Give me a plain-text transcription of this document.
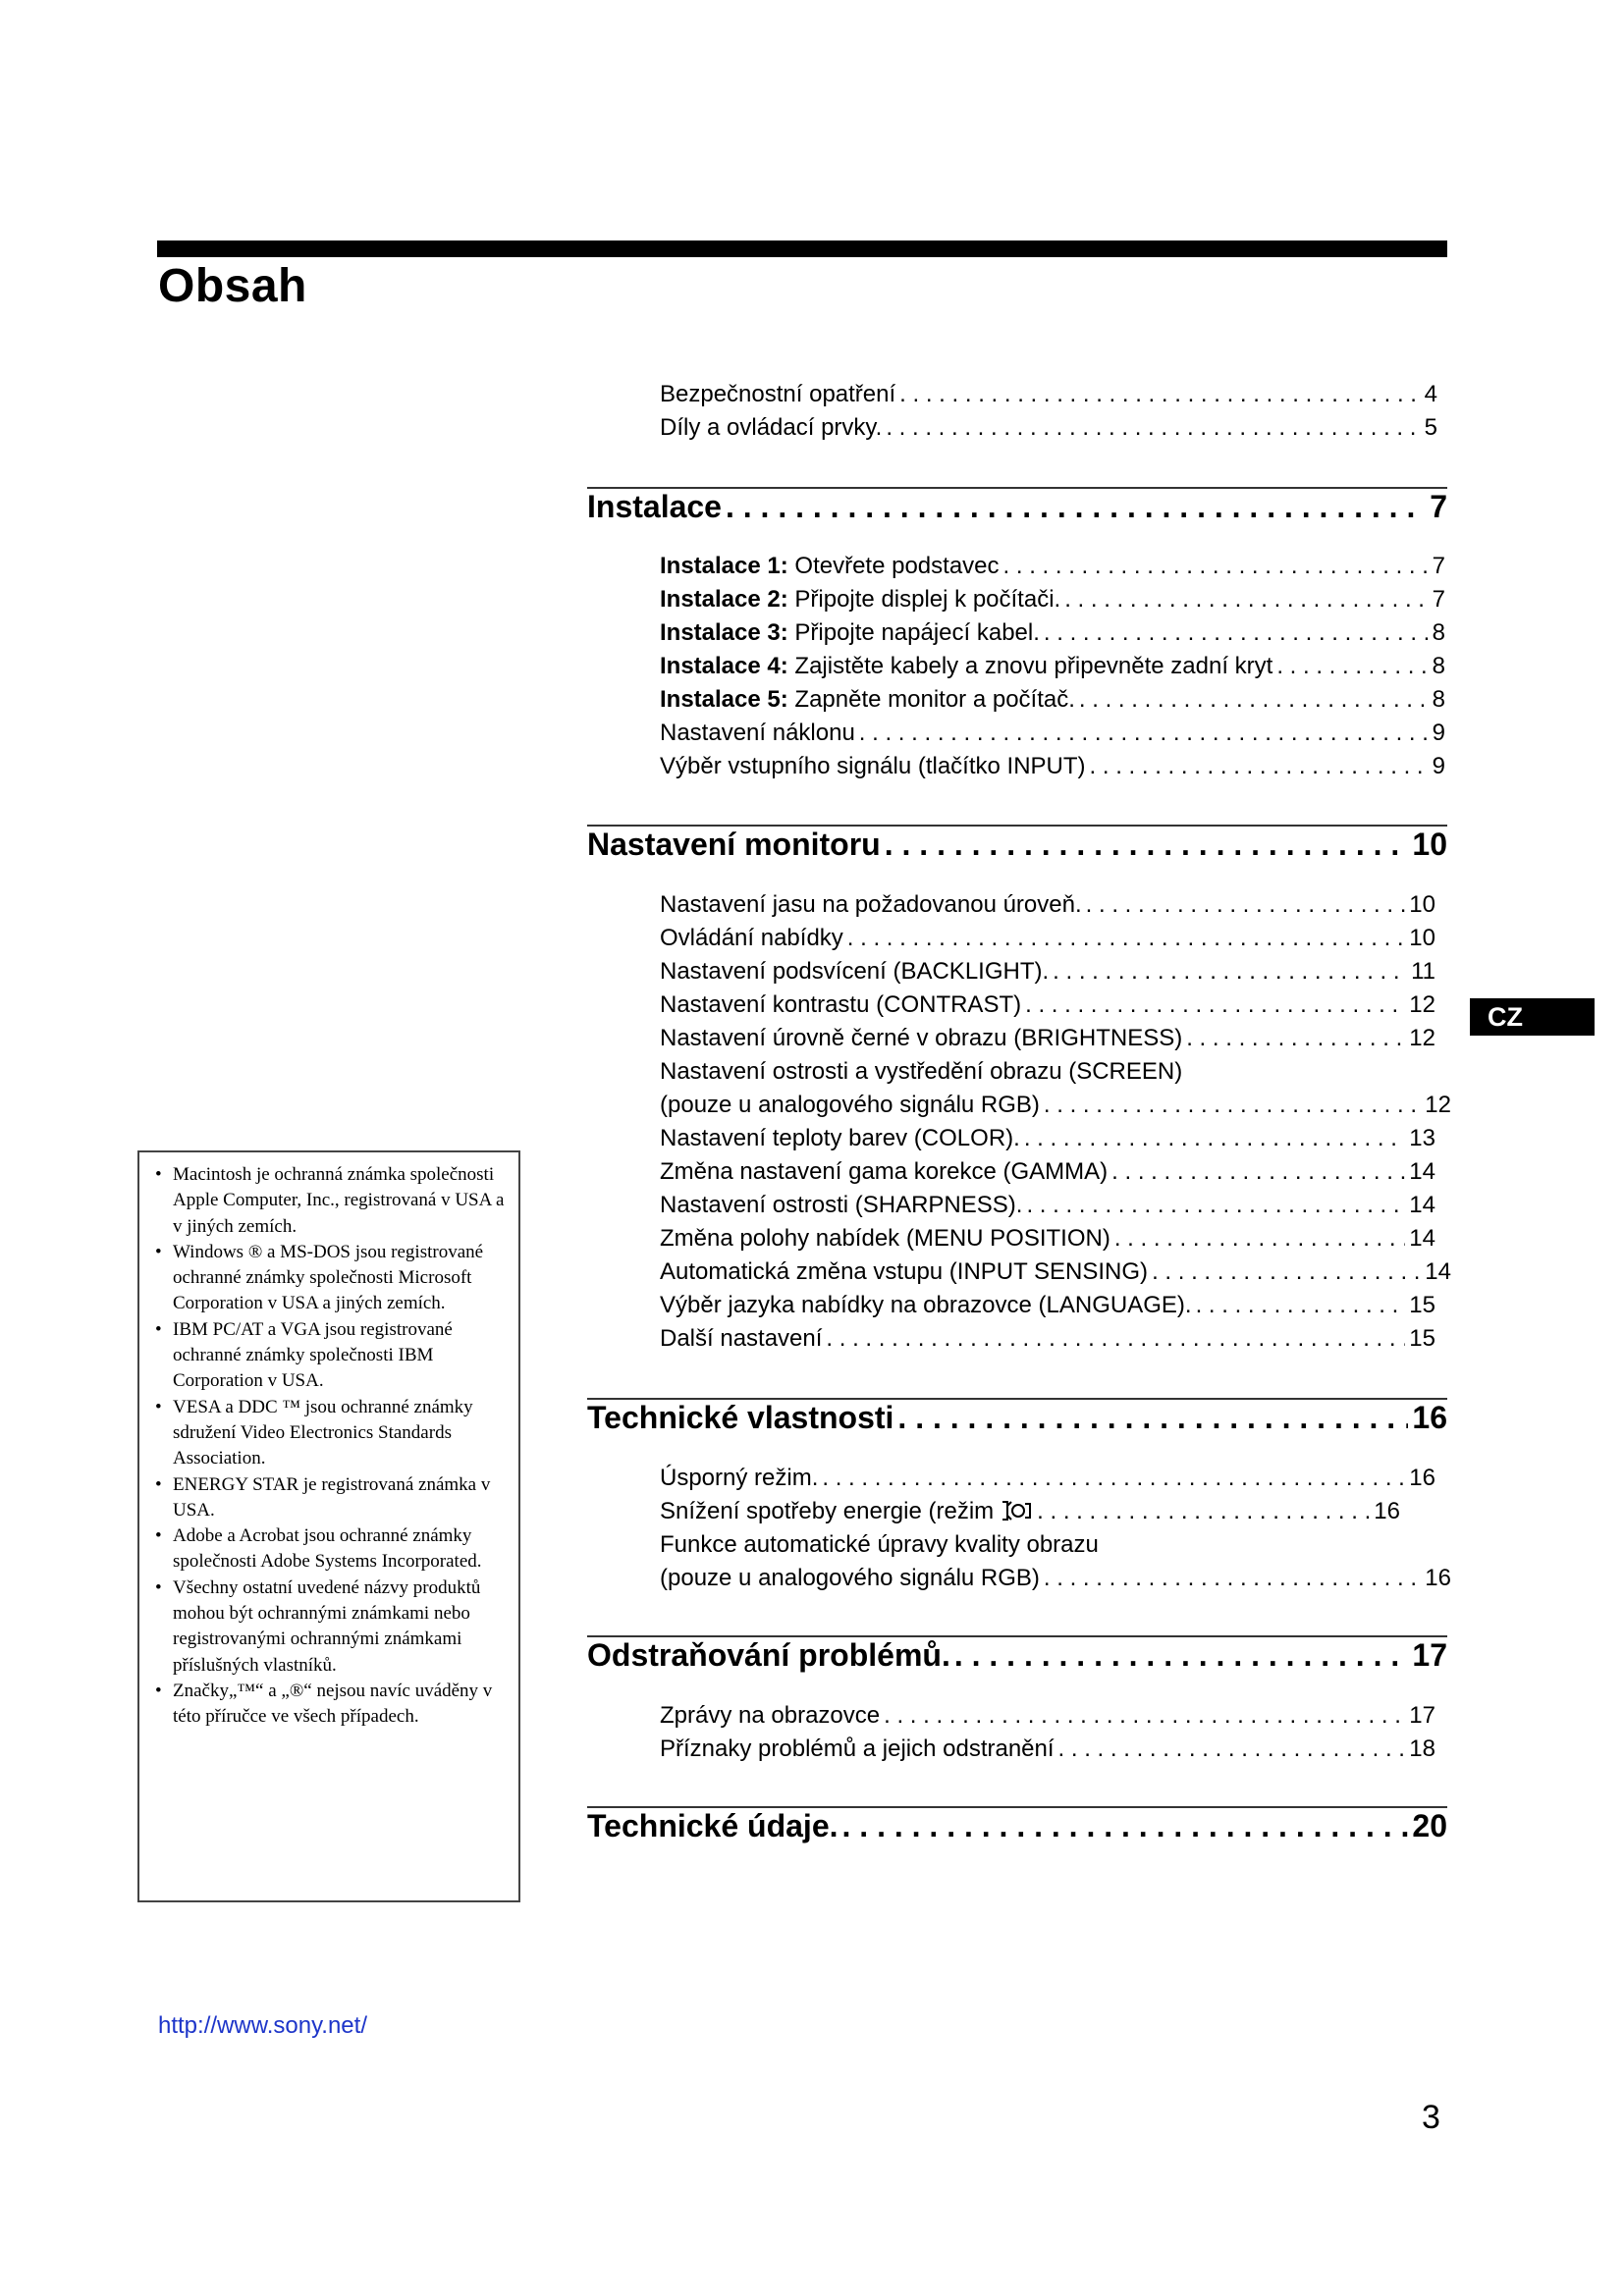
Obsah
Bezpečnostní opatření . . .	4
Díly a ovládací prvky. . . .	5
Instalace . . .	7
Instalace 1: Otevřete podstavec . . .	7
Instalace 2: Připojte displej k počítači. . . .	7
Instalace 3: Připojte napájecí kabel. . . .	8
Instalace 4: Zajistěte kabely a znovu připevněte zadní kryt . . .	8
Instalace 5: Zapněte monitor a počítač. . . .	8
Nastavení náklonu . . .	9
Výběr vstupního signálu (tlačítko INPUT) . . .	9
Nastavení monitoru . . .	10
Nastavení jasu na požadovanou úroveň. . . .	10
Ovládání nabídky . . .	10
Nastavení podsvícení (BACKLIGHT). . . .	11
Nastavení kontrastu (CONTRAST) . . .	12
Nastavení úrovně černé v obrazu (BRIGHTNESS) . . .	12
Nastavení ostrosti a vystředění obrazu (SCREEN)
(pouze u analogového signálu RGB) . . .	12
Nastavení teploty barev (COLOR). . . .	13
Změna nastavení gama korekce (GAMMA) . . .	14
Nastavení ostrosti (SHARPNESS). . . .	14
Změna polohy nabídek (MENU POSITION) . . .	14
Automatická změna vstupu (INPUT SENSING) . . .	14
Výběr jazyka nabídky na obrazovce (LANGUAGE). . . .	15
Další nastavení . . .	15
CZ
Technické vlastnosti . . .	16
Úsporný režim. . . .	16
Snížení spotřeby energie (režim . . .	16
Funkce automatické úpravy kvality obrazu
(pouze u analogového signálu RGB) . . .	16
Odstraňování problémů. . . .	17
Zprávy na obrazovce . . .	17
Příznaky problémů a jejich odstranění . . .	18
Technické údaje. . . .	20
• Macintosh je ochranná známka společnosti Apple Computer, Inc., registrovaná v USA a v jiných zemích.
• Windows ® a MS-DOS jsou registrované ochranné známky společnosti Microsoft Corporation v USA a jiných zemích.
• IBM PC/AT a VGA jsou registrované ochranné známky společnosti IBM Corporation v USA.
• VESA a DDC ™ jsou ochranné známky sdružení Video Electronics Standards Association.
• ENERGY STAR je registrovaná známka v USA.
• Adobe a Acrobat jsou ochranné známky společnosti Adobe Systems Incorporated.
• Všechny ostatní uvedené názvy produktů mohou být ochrannými známkami nebo registrovanými ochrannými známkami příslušných vlastníků.
• Značky„™“ a „®“ nejsou navíc uváděny v této příručce ve všech případech.
http://www.sony.net/
3
